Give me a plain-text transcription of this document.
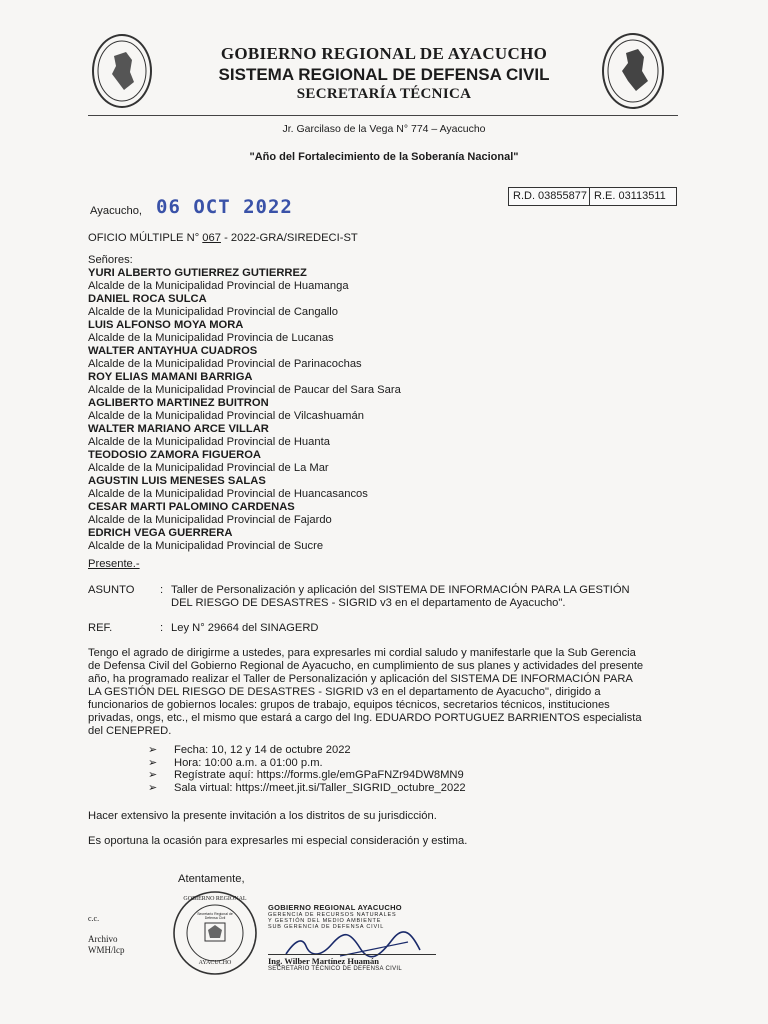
GOBIERNO REGIONAL DE AYACUCHO
SISTEMA REGIONAL DE DEFENSA CIVIL
SECRETARÍA TÉCNICA
Jr. Garcilaso de la Vega N° 774 – Ayacucho
"Año del Fortalecimiento de la Soberanía Nacional"
R.D. 03855877 R.E. 03113511
Ayacucho, 06 OCT 2022
OFICIO MÚLTIPLE N° 067 - 2022-GRA/SIREDECI-ST
Señores:
YURI ALBERTO GUTIERREZ GUTIERREZ
Alcalde de la Municipalidad Provincial de Huamanga
DANIEL ROCA SULCA
Alcalde de la Municipalidad Provincial de Cangallo
LUIS ALFONSO MOYA MORA
Alcalde de la Municipalidad Provincia de Lucanas
WALTER ANTAYHUA CUADROS
Alcalde de la Municipalidad Provincial de Parinacochas
ROY ELIAS MAMANI BARRIGA
Alcalde de la Municipalidad Provincial de Paucar del Sara Sara
AGLIBERTO MARTINEZ BUITRON
Alcalde de la Municipalidad Provincial de Vilcashuamán
WALTER MARIANO ARCE VILLAR
Alcalde de la Municipalidad Provincial de Huanta
TEODOSIO ZAMORA FIGUEROA
Alcalde de la Municipalidad Provincial de La Mar
AGUSTIN LUIS MENESES SALAS
Alcalde de la Municipalidad Provincial de Huancasancos
CESAR MARTI PALOMINO CARDENAS
Alcalde de la Municipalidad Provincial de Fajardo
EDRICH VEGA GUERRERA
Alcalde de la Municipalidad Provincial de Sucre
Presente.-
ASUNTO : Taller de Personalización y aplicación del SISTEMA DE INFORMACIÓN PARA LA GESTIÓN
DEL RIESGO DE DESASTRES - SIGRID v3 en el departamento de Ayacucho".
REF.	: Ley N° 29664 del SINAGERD
Tengo el agrado de dirigirme a ustedes, para expresarles mi cordial saludo y manifestarle que la Sub Gerencia
de Defensa Civil del Gobierno Regional de Ayacucho, en cumplimiento de sus planes y actividades del presente
año, ha programado realizar el Taller de Personalización y aplicación del SISTEMA DE INFORMACIÓN PARA
LA GESTIÓN DEL RIESGO DE DESASTRES - SIGRID v3 en el departamento de Ayacucho", dirigido a
funcionarios de gobiernos locales: grupos de trabajo, equipos técnicos, secretarios técnicos, instituciones
privadas, ongs, etc., el mismo que estará a cargo del Ing. EDUARDO PORTUGUEZ BARRIENTOS especialista
del CENEPRED.
➢ Fecha: 10, 12 y 14 de octubre 2022
➢ Hora: 10:00 a.m. a 01:00 p.m.
➢ Regístrate aquí: https://forms.gle/emGPaFNZr94DW8MN9
➢ Sala virtual: https://meet.jit.si/Taller_SIGRID_octubre_2022
Hacer extensivo la presente invitación a los distritos de su jurisdicción.
Es oportuna la ocasión para expresarles mi especial consideración y estima.
Atentamente,
c.c.
Archivo
WMH/lcp
GOBIERNO REGIONAL
Secretario Regional de Defensa Civil
AYACUCHO
GOBIERNO REGIONAL AYACUCHO
GERENCIA DE RECURSOS NATURALES
Y GESTIÓN DEL MEDIO AMBIENTE
SUB GERENCIA DE DEFENSA CIVIL
Ing. Wilber Martínez Huamán
SECRETARIO TÉCNICO DE DEFENSA CIVIL
